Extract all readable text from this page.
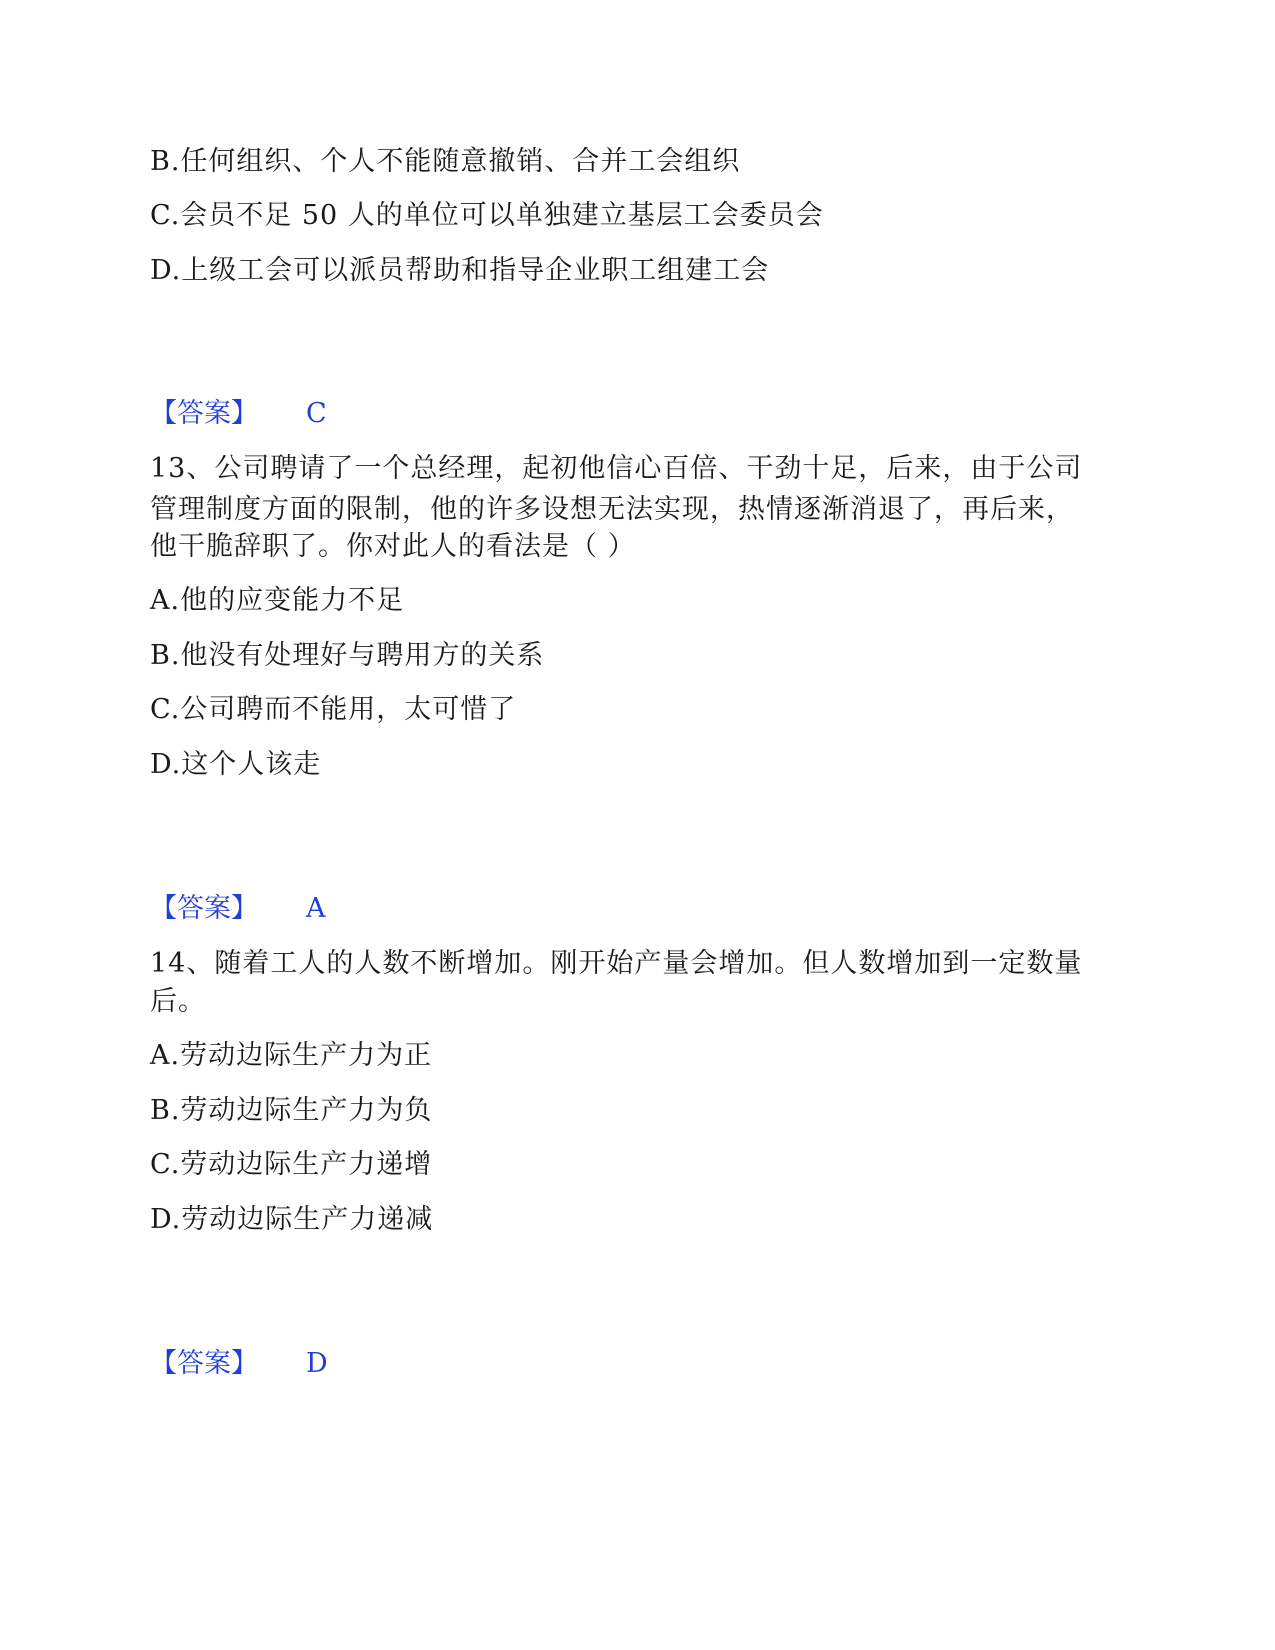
B.任何组织、个人不能随意撤销、合并工会组织
C.会员不足 50 人的单位可以单独建立基层工会委员会
D.上级工会可以派员帮助和指导企业职工组建工会
【答案】 C
13、公司聘请了一个总经理，起初他信心百倍、干劲十足，后来，由于公司
管理制度方面的限制，他的许多设想无法实现，热情逐渐消退了，再后来，
他干脆辞职了。你对此人的看法是（ ）
A.他的应变能力不足
B.他没有处理好与聘用方的关系
C.公司聘而不能用，太可惜了
D.这个人该走
【答案】 A
14、随着工人的人数不断增加。刚开始产量会增加。但人数增加到一定数量
后。
A.劳动边际生产力为正
B.劳动边际生产力为负
C.劳动边际生产力递增
D.劳动边际生产力递减
【答案】 D
